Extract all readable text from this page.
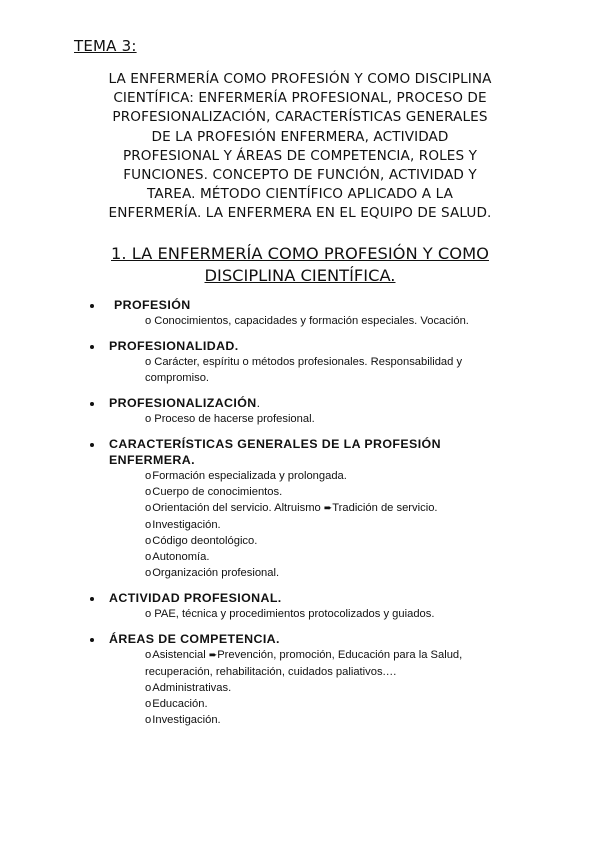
TEMA 3:
LA ENFERMERÍA COMO PROFESIÓN Y COMO DISCIPLINA
CIENTÍFICA: ENFERMERÍA PROFESIONAL, PROCESO DE
PROFESIONALIZACIÓN, CARACTERÍSTICAS GENERALES
DE LA PROFESIÓN ENFERMERA, ACTIVIDAD
PROFESIONAL Y ÁREAS DE COMPETENCIA, ROLES Y
FUNCIONES. CONCEPTO DE FUNCIÓN, ACTIVIDAD Y
TAREA. MÉTODO CIENTÍFICO APLICADO A LA
ENFERMERÍA. LA ENFERMERA EN EL EQUIPO DE SALUD.
1. LA ENFERMERÍA COMO PROFESIÓN Y COMO
DISCIPLINA CIENTÍFICA.
PROFESIÓN
o Conocimientos, capacidades y formación especiales. Vocación.
PROFESIONALIDAD.
o Carácter, espíritu o métodos profesionales. Responsabilidad y compromiso.
PROFESIONALIZACIÓN.
o Proceso de hacerse profesional.
CARACTERÍSTICAS GENERALES DE LA PROFESIÓN
ENFERMERA.
oFormación especializada y prolongada.
oCuerpo de conocimientos.
oOrientación del servicio. Altruismo ➨Tradición de servicio.
oInvestigación.
oCódigo deontológico.
oAutonomía.
oOrganización profesional.
ACTIVIDAD PROFESIONAL.
o PAE, técnica y procedimientos protocolizados y guiados.
ÁREAS DE COMPETENCIA.
oAsistencial ➨Prevención, promoción, Educación para la Salud, recuperación, rehabilitación, cuidados paliativos.…
oAdministrativas.
oEducación.
oInvestigación.
